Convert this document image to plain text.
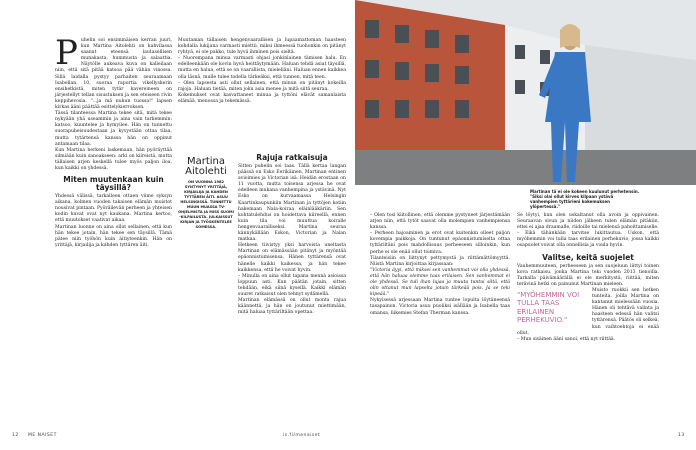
P uhelin soi ensimmäisen kerran juuri, kun Martina Aitolehti on kahvilassa saanut eteensä lautasellisen munakasta, hummusta ja salaattia. Näytölle aukeava kuva on kalleilaan niin, että sitä pitää katsoa pää vähän vinossa. Sillä laidalla pystyy parhaiten seuraamaan Isabellan, 10, suoraa raportia vikellyskerin ensihetkistä, miten tytär kavereineen on järjestellyt tellan sisustuksen ja sen eteiseen rivin keppihevosia. "...ja mä nukun tuossa!" lapsen kirkas ääni päättää esittelykierroksen.

Tässä tilanteessa Martina tekee sitä, mitä tekee nykyään yhä useammin ja aina vain tarkemmin: katsoo, kuuntelee ja hymyilee. Hän on tunnettu suorapuheisuudestaan ja kyvystään ottaa tilaa, mutta tytärtensä kanssa hän on oppinut antamaan tilaa.

Kun Martina herkeni laskemaan, hän pyöräyttää silmiään kuin sanoakseen: arki on kiireistä, mutta tällaisen arjen keskellä tulee myös paljon iloa, kun kaikki on yhdessä.

Miten muutenkaan kuin täysillä?

Yhdessä välissä, tarkalleen ottaen viime syksyn aikana, kolmen vuoden takaisen elämän muistot nousivat pintaan. Pyöräilevän perheen ja yhteisen kodin kuvat ovat nyt kaukana. Martina kertoo, että muutokset vaativat aikaa.

Martinan luonne on aina ollut sellainen, että kun hän tekee jotain, hän tekee sen täysillä. Tämä pätee niin työhön kuin äitiyteenkin. Hän on yrittäjä, kirjailija ja kahden tyttären äiti.

Muutaman tällaisen hengenvaarallisen ja lupaamattoman haasteen kohdalla lukijana varmasti miettii, miksi ihmeessä tuohonkin on pitänyt ryhtyä, ei ole pakko, tule hyvä ihminen pois sieltä.

– Nuorempana minua varmasti ohjasi jonkinlainen tämisen halu. En edelleenkään ole kovin hyvä heittäytymään. Haluan tehdä asiat täysillä, mutta en halua, että se on vaarallista, mielelläni. Haluan ennen kaikkea olla läsnä, mulle tulee todella tärkeäksi, että tunnen, mitä teen.

– Olen lapsesta asti ollut sellainen, että minun on pitänyt kokeilla rajoja. Haluan tietää, miten joku asia menee ja mitä siitä seuraa.

Kokemukset ovat kasvattaneet minua ja tyttöni elävät samanlaista elämää, menossa ja tekemässä.

Martina Aitolehti
ON VUONNA 1982 SYNTYNYT YRITTÄJÄ, KIRJAILIJA JA KAHDEN TYTTÄREN ÄITI. ASUU HELSINGISSÄ. TUNNETTU MUUN MUASSA TV-OHJELMISTA JA MISS SUOMI -KILPAILUSTA. JULKAISSUT KIRJAN JA TYÖSKENTELEE SOMESSA.
Rajuja ratkaisuja

Sitten puhelin soi taas. Tällä kertaa langan päässä on Esko Eerikäinen, Martinan entinen avioimies ja Victorian isä. Heidän erostaan on 11 vuotta, mutta toisensa arjessa he ovat edelleen mukana vanhempina ja ystävinä. Nyt Esko on kurvaamassa Helsingin Kaartinkaupunkiin Martinan ja tyttöjen kotiin hakemaan Nala-koiraa eläinlääkäriin. Sen kohtatulehdus on hoidettava kiireellä, ennen kuin tila voi muuttua koiralle hengenvaaralliseksi. Martina seuraa kännykällään Eskon, Victorian ja Nalan matkaa.

Hetkeen tiivistyy yksi harvoista uneltasta Martinan on elämässään pitänyt ja myöntää epäonnistumisensa. Hänen tyttärensä ovat hänelle kaikki kaikessa, ja hän tekee kaikkensa, että he voivat hyvin.

– Minulla on aina ollut tapana mennä asioissa loppuun asti. Kun päätän jotain, sitten tehdään, eikä siinä kysellä. Kaikki elämän suuret ratkaisut olen tehnyt sydämellä.

Martinan elämässä on ollut monta rajua käännettä, ja hän on joutunut miettimään, mitä haluaa tyttäriltään opettaa.

Martinan tä ei ole kokeen kuulunut perhetensin. "Siksi olai ollut kirves kilpaan ystävä vanhempien tyttärieni kokemuksen ylöpertessä."

– Olen tosi kiitollinen, että olemme pystyneet järjestämään arjen niin, että tytöt saavat olla molempien vanhempiensa kanssa.

– Perheen hajoaminen ja erot ovat kuitenkin olleet paljon kovempia paikkoja. On tuntunut epäonnistumiselta ottaa tyttäriltäni pois mahdollisuus perheeseen silloinkin, kun perhe ei ole enää ollut toimiva.

Tilanteisiin on liittynyt pettymystä ja riittämättömyyttä. Niistä Martina kirjoittaa kirjassaan:

"Victoria äyyi, että miksei sen vanhemmat voi olla yhdessä, että hän haluaa olemme taas erilaisen. Sen vanhemmat ei ole yhdessä. Se tuli ihan lujaa ja muuta tuntui siltä, että olin ottanut mun lapselta jotain tärkeää pois. Ja se teki kipeää."

Nykyisessä arjessaan Martina tuntee lopulta löytäneensä tasapainon. Victoria asuu puoliksi isällään ja Isabella taas omansa, liikemies Stefan Therman kanssa.

Se löytyi, kun olen uskaltanut olla avoin ja oppivainen. Seuraavan sivun ja niiden jälkeen tulen elämän pitäkiin, ettei ei ajaa draamalle, riidoille tai mielensä pahoittamiselle.

– Eikä tähänkään tarvitse lukittautua. Uskon, että myöhemmin voi tulla taas erilainen perhekuvio, jossa kaikki osapuolet voivat olla onnellisia ja voida hyvin.

Valitse, keitä suojelet

Vauhemmuuteen, perheeseen ja sen suojeluun liittyi toinen kova ratkaisu, jonka Martina teki vuoden 2013 tienoilla. Tarkalla päivämäärällä ei ole merkitystä, riittää, miten terävinä hetki on painunut Martinan mieleen.

"MYÖHEMMIN VOI TULLA TAAS ERILAINEN PERHEKUVIO."

Muisto ruokkii sen hetken tunteita, joilla Martina on kantanut mielessään vuosia. Hänen oli tehtävä valinta ja haasteen edessä hän valitsi tyttärensä. Päätös oli selkeä, kun vaihtoehtoja ei enää ollut.

– Mun sisäinen ääni sanoi, että nyt riittää.

12 ME NAISET	is.fi/menaiset	13
